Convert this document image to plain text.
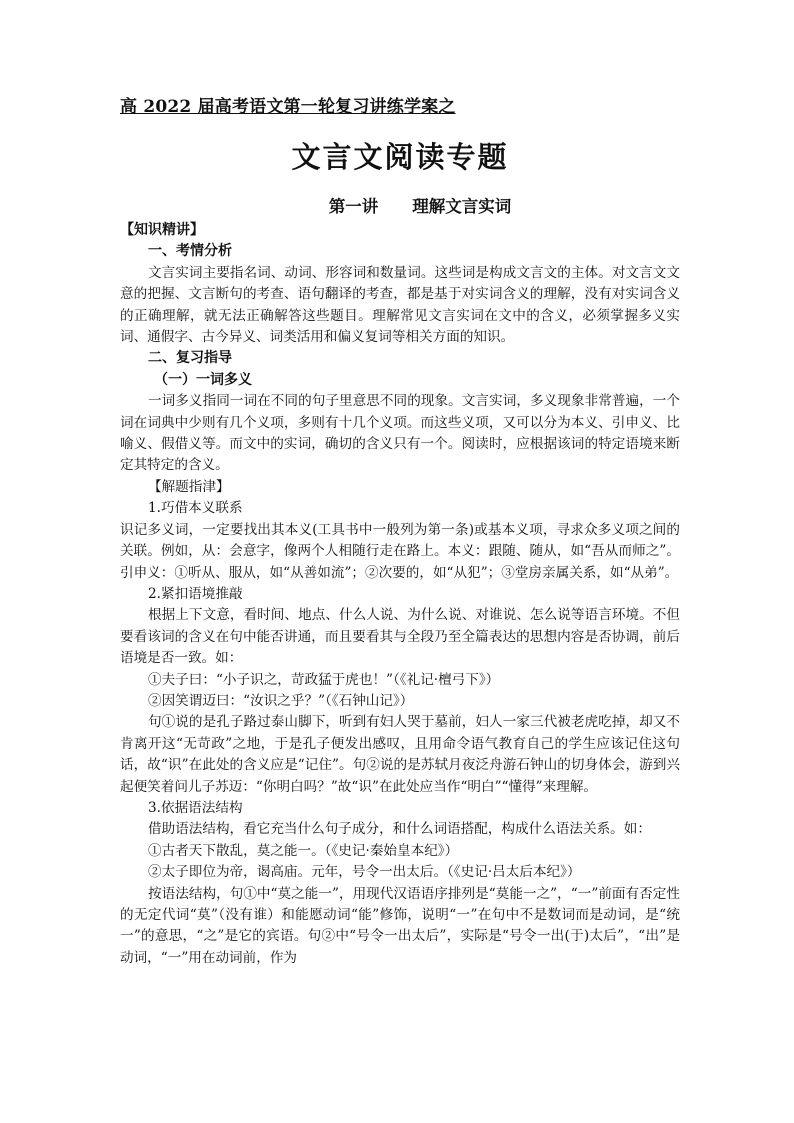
高 2022 届高考语文第一轮复习讲练学案之

文言文阅读专题

第一讲 理解文言实词

【知识精讲】

一、考情分析

文言实词主要指名词、动词、形容词和数量词。这些词是构成文言文的主体。对文言文文意的把握、文言断句的考查、语句翻译的考查，都是基于对实词含义的理解，没有对实词含义的正确理解，就无法正确解答这些题目。理解常见文言实词在文中的含义，必须掌握多义实词、通假字、古今异义、词类活用和偏义复词等相关方面的知识。

二、复习指导

（一）一词多义

一词多义指同一词在不同的句子里意思不同的现象。文言实词，多义现象非常普遍，一个词在词典中少则有几个义项，多则有十几个义项。而这些义项，又可以分为本义、引申义、比喻义、假借义等。而文中的实词，确切的含义只有一个。阅读时，应根据该词的特定语境来断定其特定的含义。

【解题指津】

1.巧借本义联系

识记多义词，一定要找出其本义(工具书中一般列为第一条)或基本义项，寻求众多义项之间的关联。例如，从：会意字，像两个人相随行走在路上。本义：跟随、随从，如“吾从而师之”。引申义：①听从、服从，如“从善如流”；②次要的，如“从犯”；③堂房亲属关系，如“从弟”。

2.紧扣语境推敲

根据上下文意，看时间、地点、什么人说、为什么说、对谁说、怎么说等语言环境。不但要看该词的含义在句中能否讲通，而且要看其与全段乃至全篇表达的思想内容是否协调，前后语境是否一致。如：

①夫子曰：“小子识之，苛政猛于虎也！”（《礼记·檀弓下》）

②因笑谓迈曰：“汝识之乎？”（《石钟山记》）

句①说的是孔子路过泰山脚下，听到有妇人哭于墓前，妇人一家三代被老虎吃掉，却又不肯离开这“无苛政”之地，于是孔子便发出感叹，且用命令语气教育自己的学生应该记住这句话，故“识”在此处的含义应是“记住”。句②说的是苏轼月夜泛舟游石钟山的切身体会，游到兴起便笑着问儿子苏迈：“你明白吗？”故“识”在此处应当作“明白”“懂得”来理解。

3.依据语法结构

借助语法结构，看它充当什么句子成分，和什么词语搭配，构成什么语法关系。如：

①古者天下散乱，莫之能一。（《史记·秦始皇本纪》）

②太子即位为帝，谒高庙。元年，号令一出太后。（《史记·吕太后本纪》）

按语法结构，句①中“莫之能一”，用现代汉语语序排列是“莫能一之”，“一”前面有否定性的无定代词“莫”（没有谁）和能愿动词“能”修饰，说明“一”在句中不是数词而是动词，是“统一”的意思，“之”是它的宾语。句②中“号令一出太后”，实际是“号令一出(于)太后”，“出”是动词，“一”用在动词前，作为
